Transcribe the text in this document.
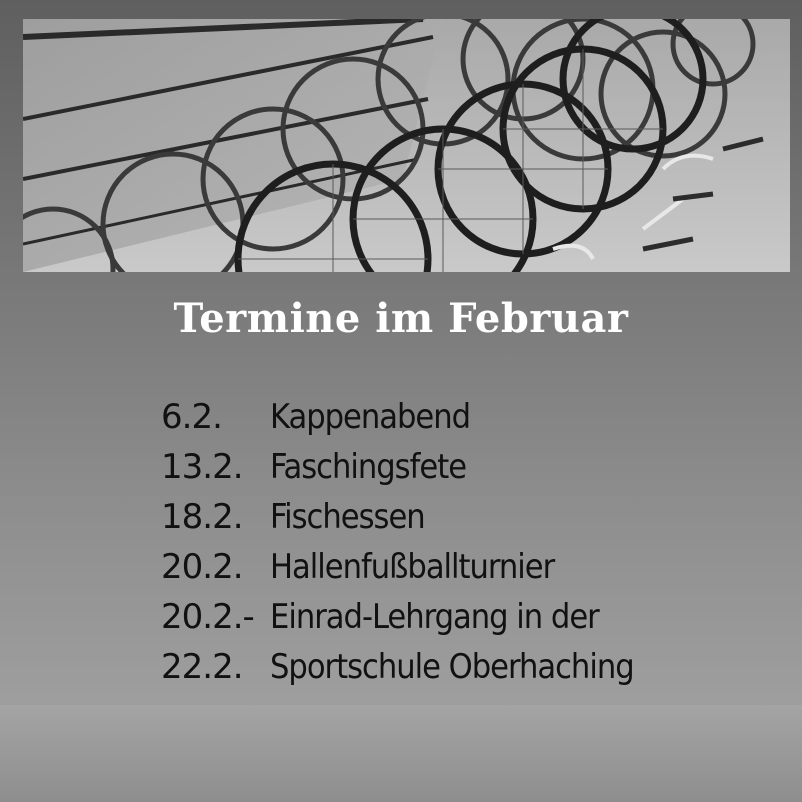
Termine im Februar
6.2.	Kappenabend
13.2. Faschingsfete
18.2. Fischessen
20.2. Hallenfußballturnier
20.2.- Einrad-Lehrgang in der
22.2. Sportschule Oberhaching
